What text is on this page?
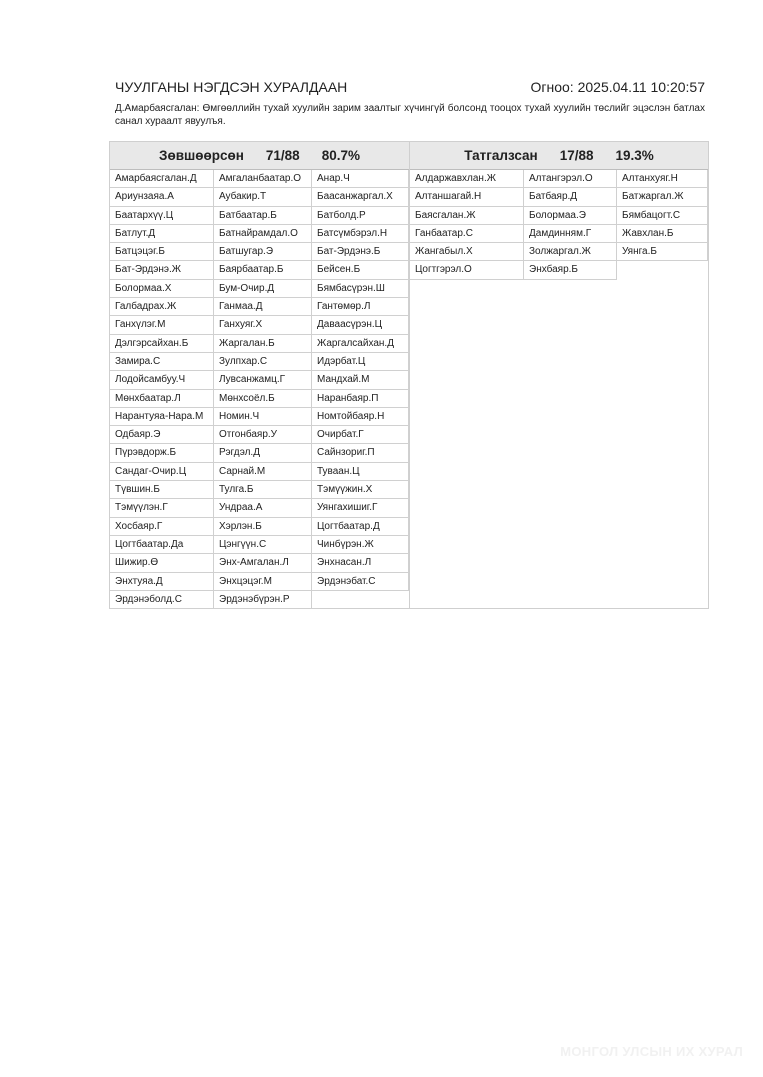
ЧУУЛГАНЫ НЭГДСЭН ХУРАЛДААН	Огноо: 2025.04.11 10:20:57
Д.Амарбаясгалан: Өмгөөллийн тухай хуулийн зарим заалтыг хүчингүй болсонд тооцох тухай хуулийн төслийг эцэслэн батлах санал хураалт явуулъя.
Зөвшөөрсөн 71/88 80.7%
Амарбаясгалан.Д	Амгаланбаатар.О	Анар.Ч
Ариунзаяа.А	Аубакир.Т	Баасанжаргал.Х
Баатархүү.Ц	Батбаатар.Б	Батболд.Р
Батлут.Д	Батнайрамдал.О	Батсүмбэрэл.Н
Батцэцэг.Б	Батшугар.Э	Бат-Эрдэнэ.Б
Бат-Эрдэнэ.Ж	Баярбаатар.Б	Бейсен.Б
Болормаа.Х	Бум-Очир.Д	Бямбасүрэн.Ш
Галбадрах.Ж	Ганмаа.Д	Гантөмөр.Л
Ганхүлэг.М	Ганхуяг.Х	Даваасүрэн.Ц
Дэлгэрсайхан.Б	Жаргалан.Б	Жаргалсайхан.Д
Замира.С	Зулпхар.С	Идэрбат.Ц
Лодойсамбуу.Ч	Лувсанжамц.Г	Мандхай.М
Мөнхбаатар.Л	Мөнхсоёл.Б	Наранбаяр.П
Нарантуяа-Нара.М	Номин.Ч	Номтойбаяр.Н
Одбаяр.Э	Отгонбаяр.У	Очирбат.Г
Пүрэвдорж.Б	Рэгдэл.Д	Сайнзориг.П
Сандаг-Очир.Ц	Сарнай.М	Туваан.Ц
Түвшин.Б	Тулга.Б	Тэмүүжин.Х
Тэмүүлэн.Г	Ундраа.А	Уянгахишиг.Г
Хосбаяр.Г	Хэрлэн.Б	Цогтбаатар.Д
Цогтбаатар.Да	Цэнгүүн.С	Чинбүрэн.Ж
Шижир.Ө	Энх-Амгалан.Л	Энхнасан.Л
Энхтуяа.Д	Энхцэцэг.М	Эрдэнэбат.С
Эрдэнэболд.С	Эрдэнэбүрэн.Р
Татгалзсан 17/88 19.3%
Алдаржавхлан.Ж	Алтангэрэл.О	Алтанхуяг.Н
Алтаншагай.Н	Батбаяр.Д	Батжаргал.Ж
Баясгалан.Ж	Болормаа.Э	Бямбацогт.С
Ганбаатар.С	Дамдинням.Г	Жавхлан.Б
Жангабыл.Х	Золжаргал.Ж	Уянга.Б
Цогтгэрэл.О	Энхбаяр.Б
МОНГОЛ УЛСЫН ИХ ХУРАЛ
